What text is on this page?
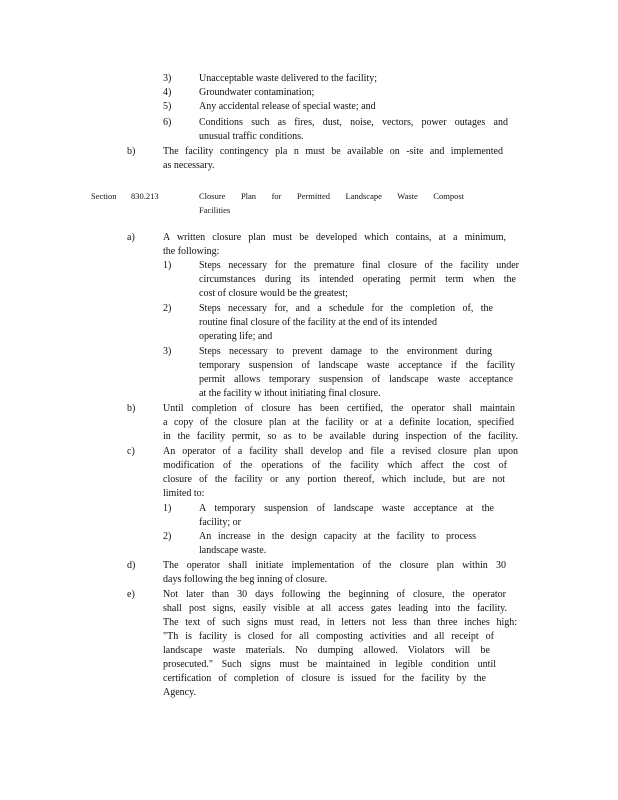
3)	Unacceptable waste delivered to the facility;
4)	Groundwater contamination;
5)	Any accidental release of special waste; and
6)	Conditions such as fires, dust, noise, vectors, power outages and
unusual traffic conditions.
b)	The facility contingency pla n must be available on -site and implemented
as necessary.
Section 830.213	Closure Plan for Permitted Landscape Waste Compost
Facilities
a)	A written closure plan must be developed which contains, at a minimum,
the following:
1)	Steps necessary for the premature final closure of the facility under
circumstances during its intended operating permit term when the
cost of closure would be the greatest;
2)	Steps necessary for, and a schedule for the completion of, the
routine final closure of the facility at the end of its intended
operating life; and
3)	Steps necessary to prevent damage to the environment during
temporary suspension of landscape waste acceptance if the facility
permit allows temporary suspension of landscape waste acceptance
at the facility w ithout initiating final closure.
b)	Until completion of closure has been certified, the operator shall maintain
a copy of the closure plan at the facility or at a definite location, specified
in the facility permit, so as to be available during inspection of the facility.
c)	An operator of a facility shall develop and file a revised closure plan upon
modification of the operations of the facility which affect the cost of
closure of the facility or any portion thereof, which include, but are not
limited to:
1)	A temporary suspension of landscape waste acceptance at the
facility; or
2)	An increase in the design capacity at the facility to process
landscape waste.
d)	The operator shall initiate implementation of the closure plan within 30
days following the beg inning of closure.
e)	Not later than 30 days following the beginning of closure, the operator
shall post signs, easily visible at all access gates leading into the facility.
The text of such signs must read, in letters not less than three inches high:
"Th is facility is closed for all composting activities and all receipt of
landscape waste materials. No dumping allowed. Violators will be
prosecuted." Such signs must be maintained in legible condition until
certification of completion of closure is issued for the facility by the
Agency.
